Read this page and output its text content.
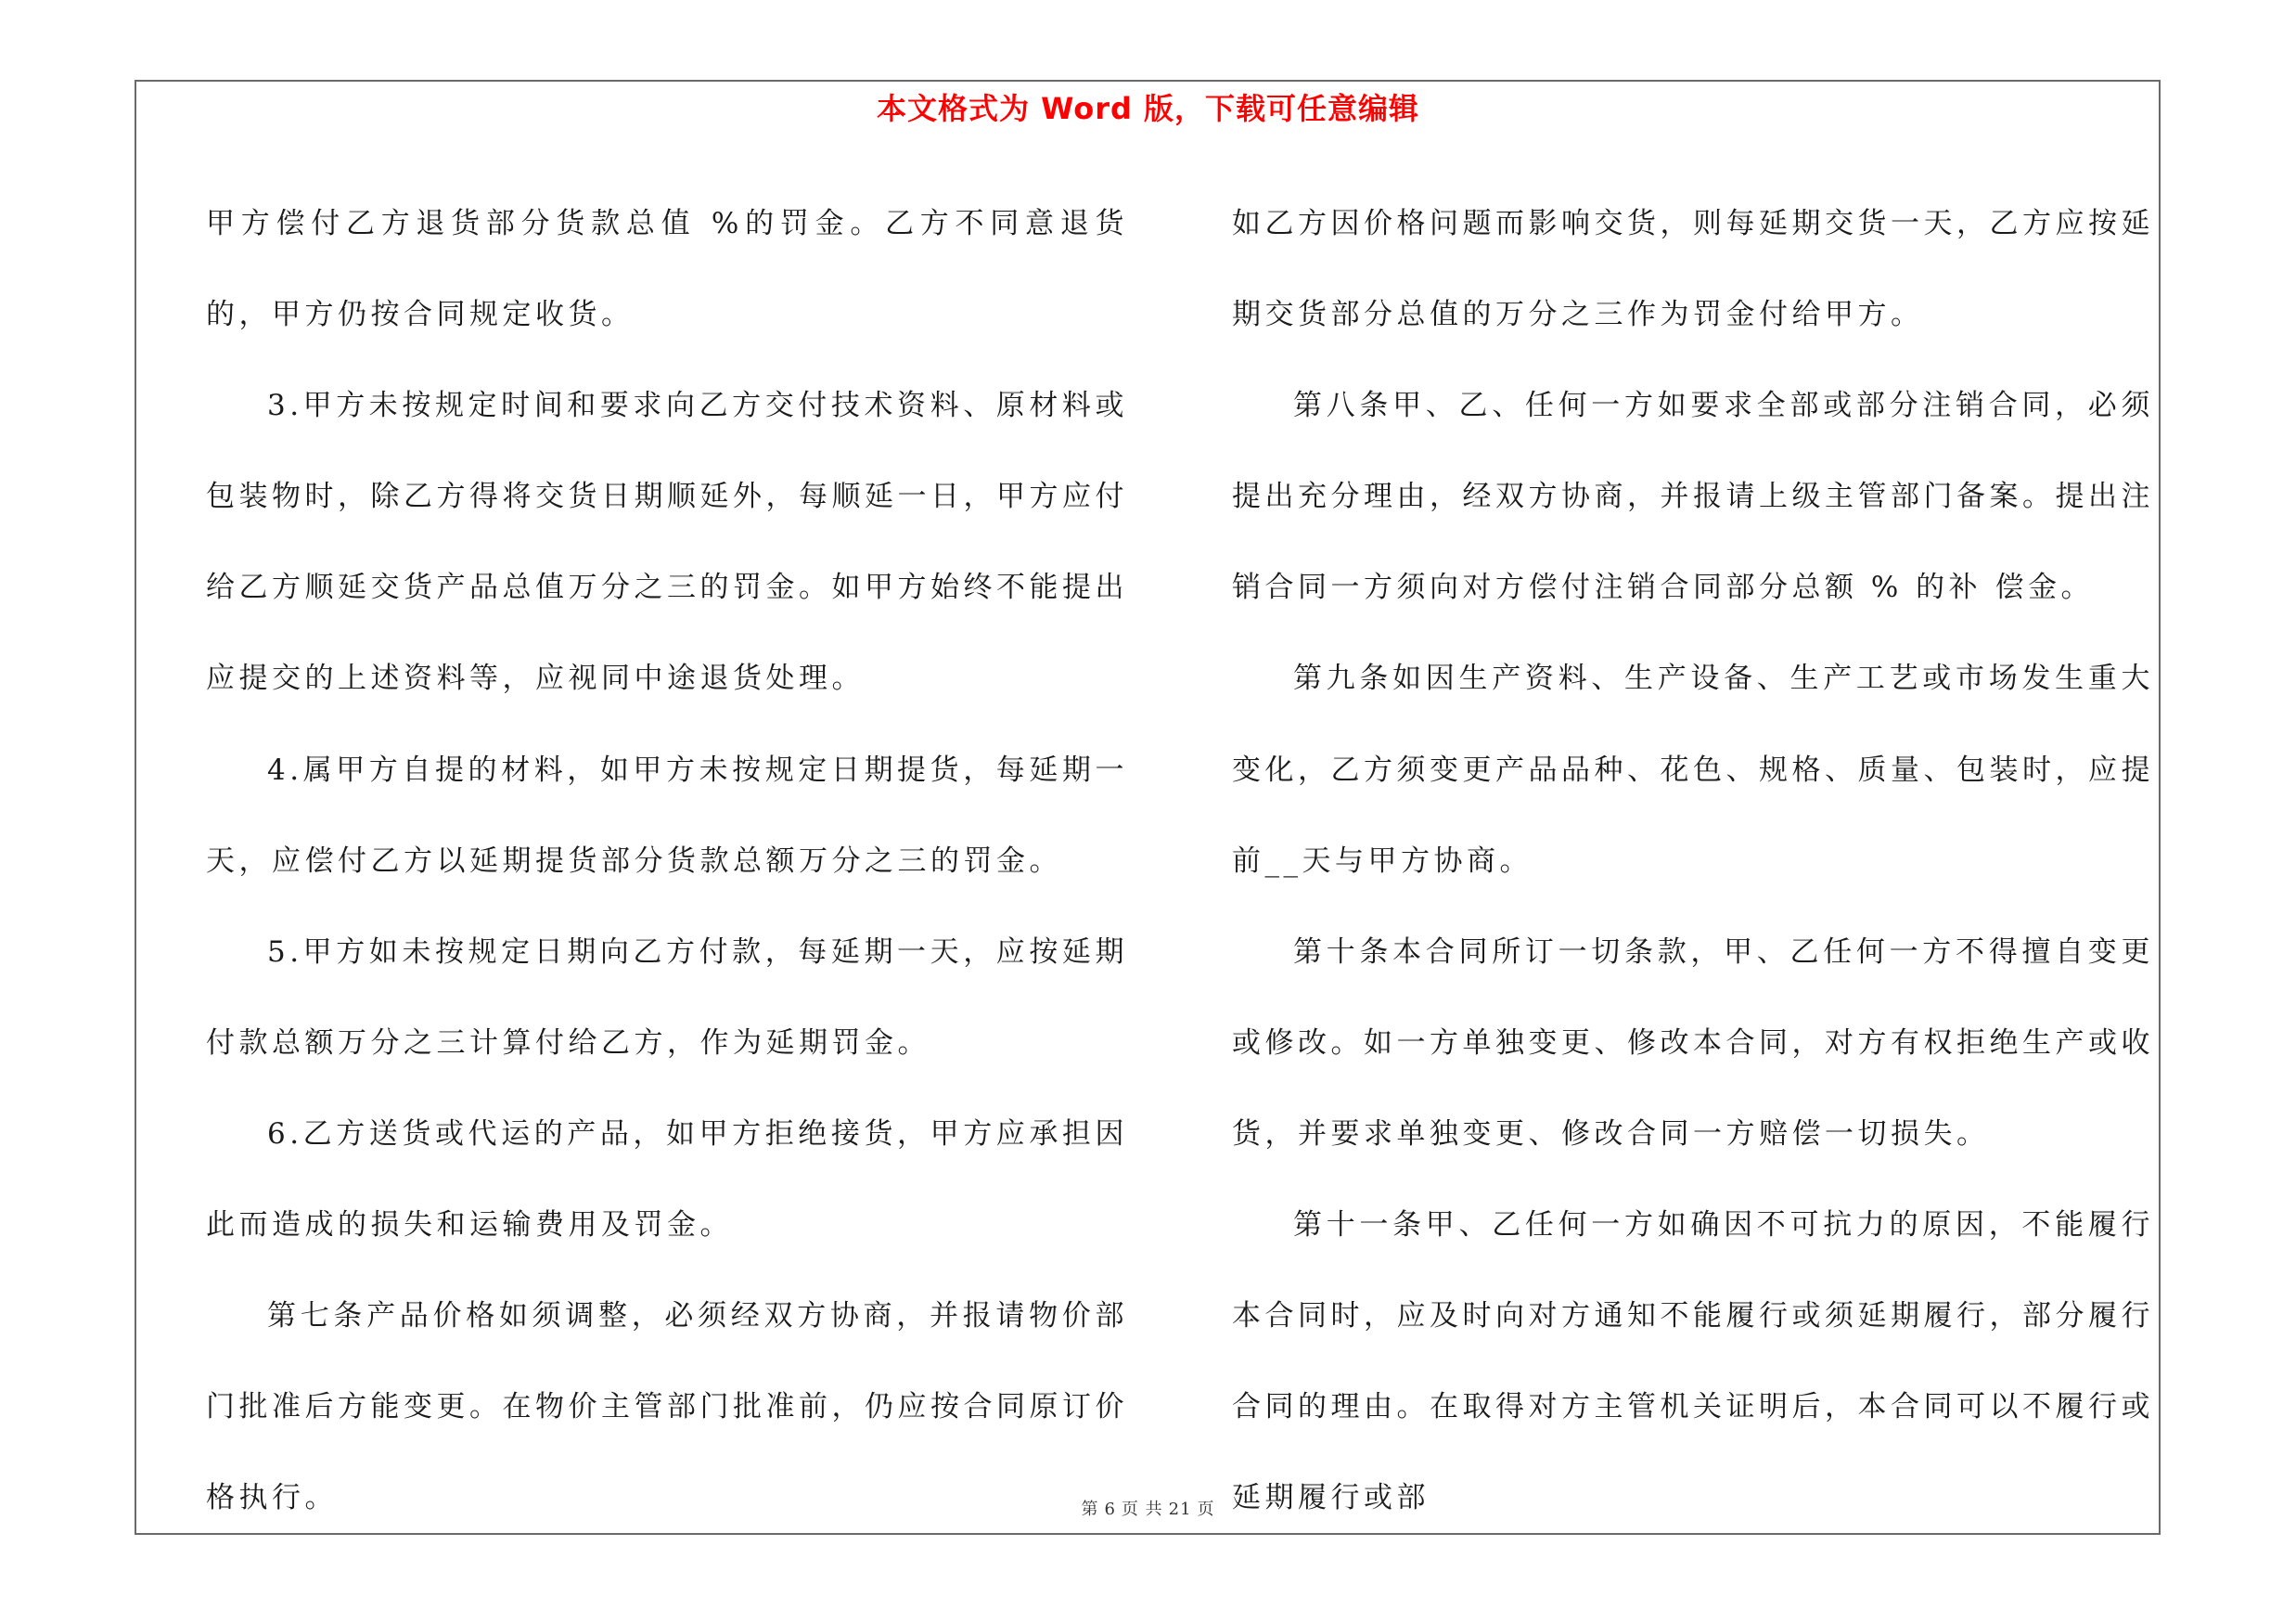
本文格式为 Word 版，下载可任意编辑

甲方偿付乙方退货部分货款总值 %的罚金。乙方不同意退货的，甲方仍按合同规定收货。

3.甲方未按规定时间和要求向乙方交付技术资料、原材料或包装物时，除乙方得将交货日期顺延外，每顺延一日，甲方应付给乙方顺延交货产品总值万分之三的罚金。如甲方始终不能提出应提交的上述资料等，应视同中途退货处理。

4.属甲方自提的材料，如甲方未按规定日期提货，每延期一天，应偿付乙方以延期提货部分货款总额万分之三的罚金。

5.甲方如未按规定日期向乙方付款，每延期一天，应按延期付款总额万分之三计算付给乙方，作为延期罚金。

6.乙方送货或代运的产品，如甲方拒绝接货，甲方应承担因此而造成的损失和运输费用及罚金。

第七条产品价格如须调整，必须经双方协商，并报请物价部门批准后方能变更。在物价主管部门批准前，仍应按合同原订价格执行。

如乙方因价格问题而影响交货，则每延期交货一天，乙方应按延期交货部分总值的万分之三作为罚金付给甲方。

第八条甲、乙、任何一方如要求全部或部分注销合同，必须提出充分理由，经双方协商，并报请上级主管部门备案。提出注销合同一方须向对方偿付注销合同部分总额 % 的补 偿金。

第九条如因生产资料、生产设备、生产工艺或市场发生重大变化，乙方须变更产品品种、花色、规格、质量、包装时，应提前__天与甲方协商。

第十条本合同所订一切条款，甲、乙任何一方不得擅自变更或修改。如一方单独变更、修改本合同，对方有权拒绝生产或收货，并要求单独变更、修改合同一方赔偿一切损失。

第十一条甲、乙任何一方如确因不可抗力的原因，不能履行本合同时，应及时向对方通知不能履行或须延期履行，部分履行合同的理由。在取得对方主管机关证明后，本合同可以不履行或延期履行或部

第 6 页 共 21 页
